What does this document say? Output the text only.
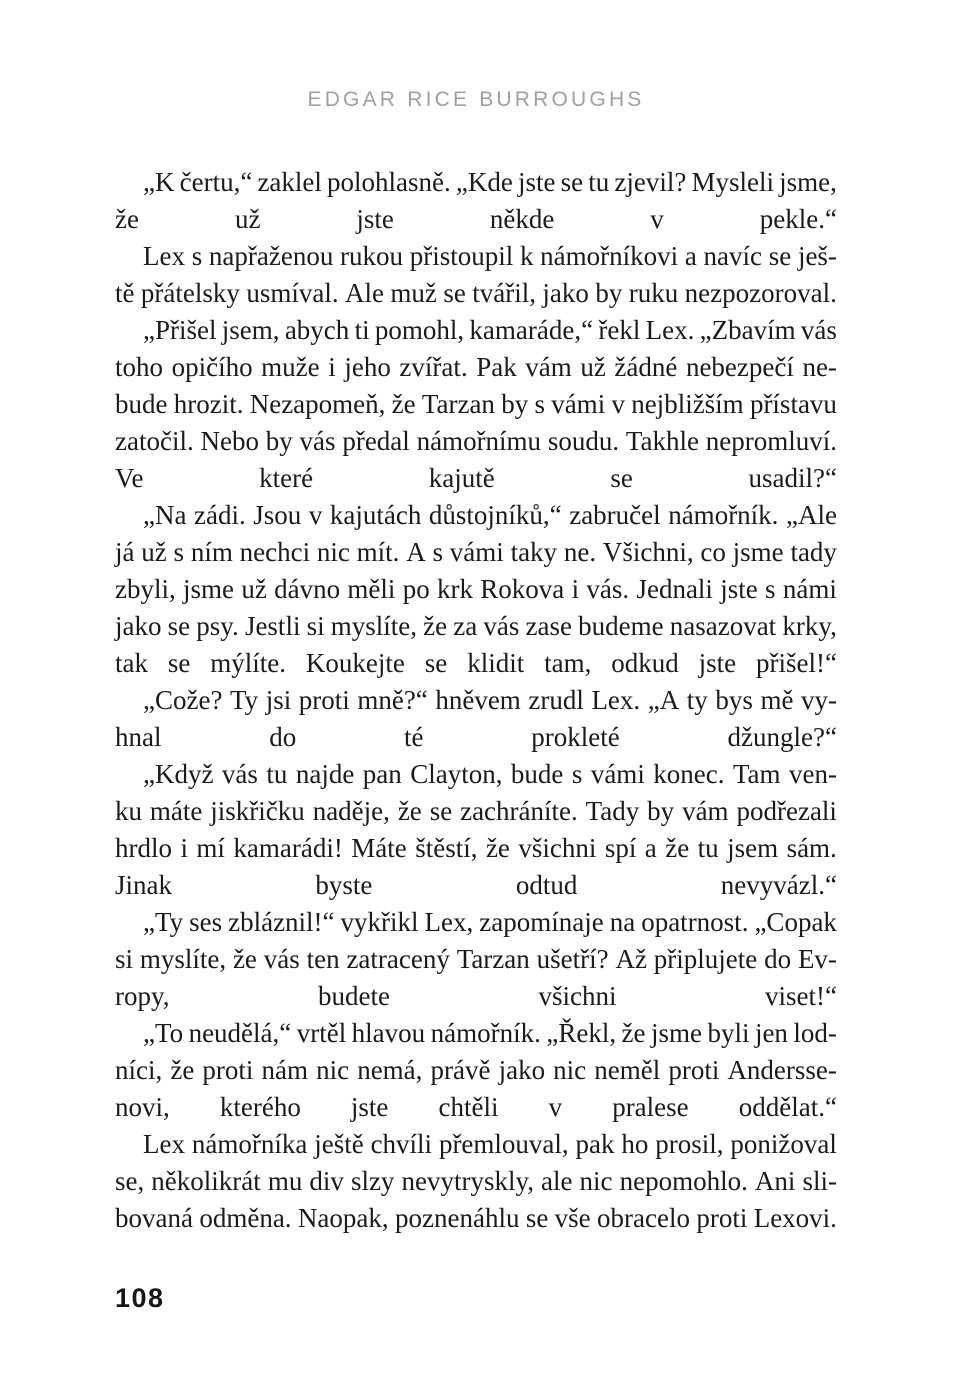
EDGAR RICE BURROUGHS
„K čertu,“ zaklel polohlasně. „Kde jste se tu zjevil? Mysleli jsme,
že	už	jste	někde	v	pekle.“
Lex s napřaženou rukou přistoupil k námořníkovi a navíc se ješ-
tě přátelsky usmíval. Ale muž se tvářil, jako by ruku nezpozoroval.
„Přišel jsem, abych ti pomohl, kamaráde,“ řekl Lex. „Zbavím vás
toho opičího muže i jeho zvířat. Pak vám už žádné nebezpečí ne-
bude hrozit. Nezapomeň, že Tarzan by s vámi v nejbližším přístavu
zatočil. Nebo by vás předal námořnímu soudu. Takhle nepromluví.
Ve	které	kajutě	se	usadil?“
„Na zádi. Jsou v kajutách důstojníků,“ zabručel námořník. „Ale
já už s ním nechci nic mít. A s vámi taky ne. Všichni, co jsme tady
zbyli, jsme už dávno měli po krk Rokova i vás. Jednali jste s námi
jako se psy. Jestli si myslíte, že za vás zase budeme nasazovat krky,
tak se mýlíte. Koukejte se klidit tam, odkud jste přišel!“
„Cože? Ty jsi proti mně?“ hněvem zrudl Lex. „A ty bys mě vy-
hnal	do	té	prokleté	džungle?“
„Když vás tu najde pan Clayton, bude s vámi konec. Tam ven-
ku máte jiskřičku naděje, že se zachráníte. Tady by vám podřezali
hrdlo i mí kamarádi! Máte štěstí, že všichni spí a že tu jsem sám.
Jinak	byste	odtud	nevyvázl.“
„Ty ses zbláznil!“ vykřikl Lex, zapomínaje na opatrnost. „Copak
si myslíte, že vás ten zatracený Tarzan ušetří? Až připlujete do Ev-
ropy,	budete	všichni	viset!“
„To neudělá,“ vrtěl hlavou námořník. „Řekl, že jsme byli jen lod-
níci, že proti nám nic nemá, právě jako nic neměl proti Andersse-
novi, kterého jste chtěli v pralese oddělat.“
Lex námořníka ještě chvíli přemlouval, pak ho prosil, ponižoval
se, několikrát mu div slzy nevytryskly, ale nic nepomohlo. Ani sli-
bovaná odměna. Naopak, poznenáhlu se vše obracelo proti Lexovi.
108
